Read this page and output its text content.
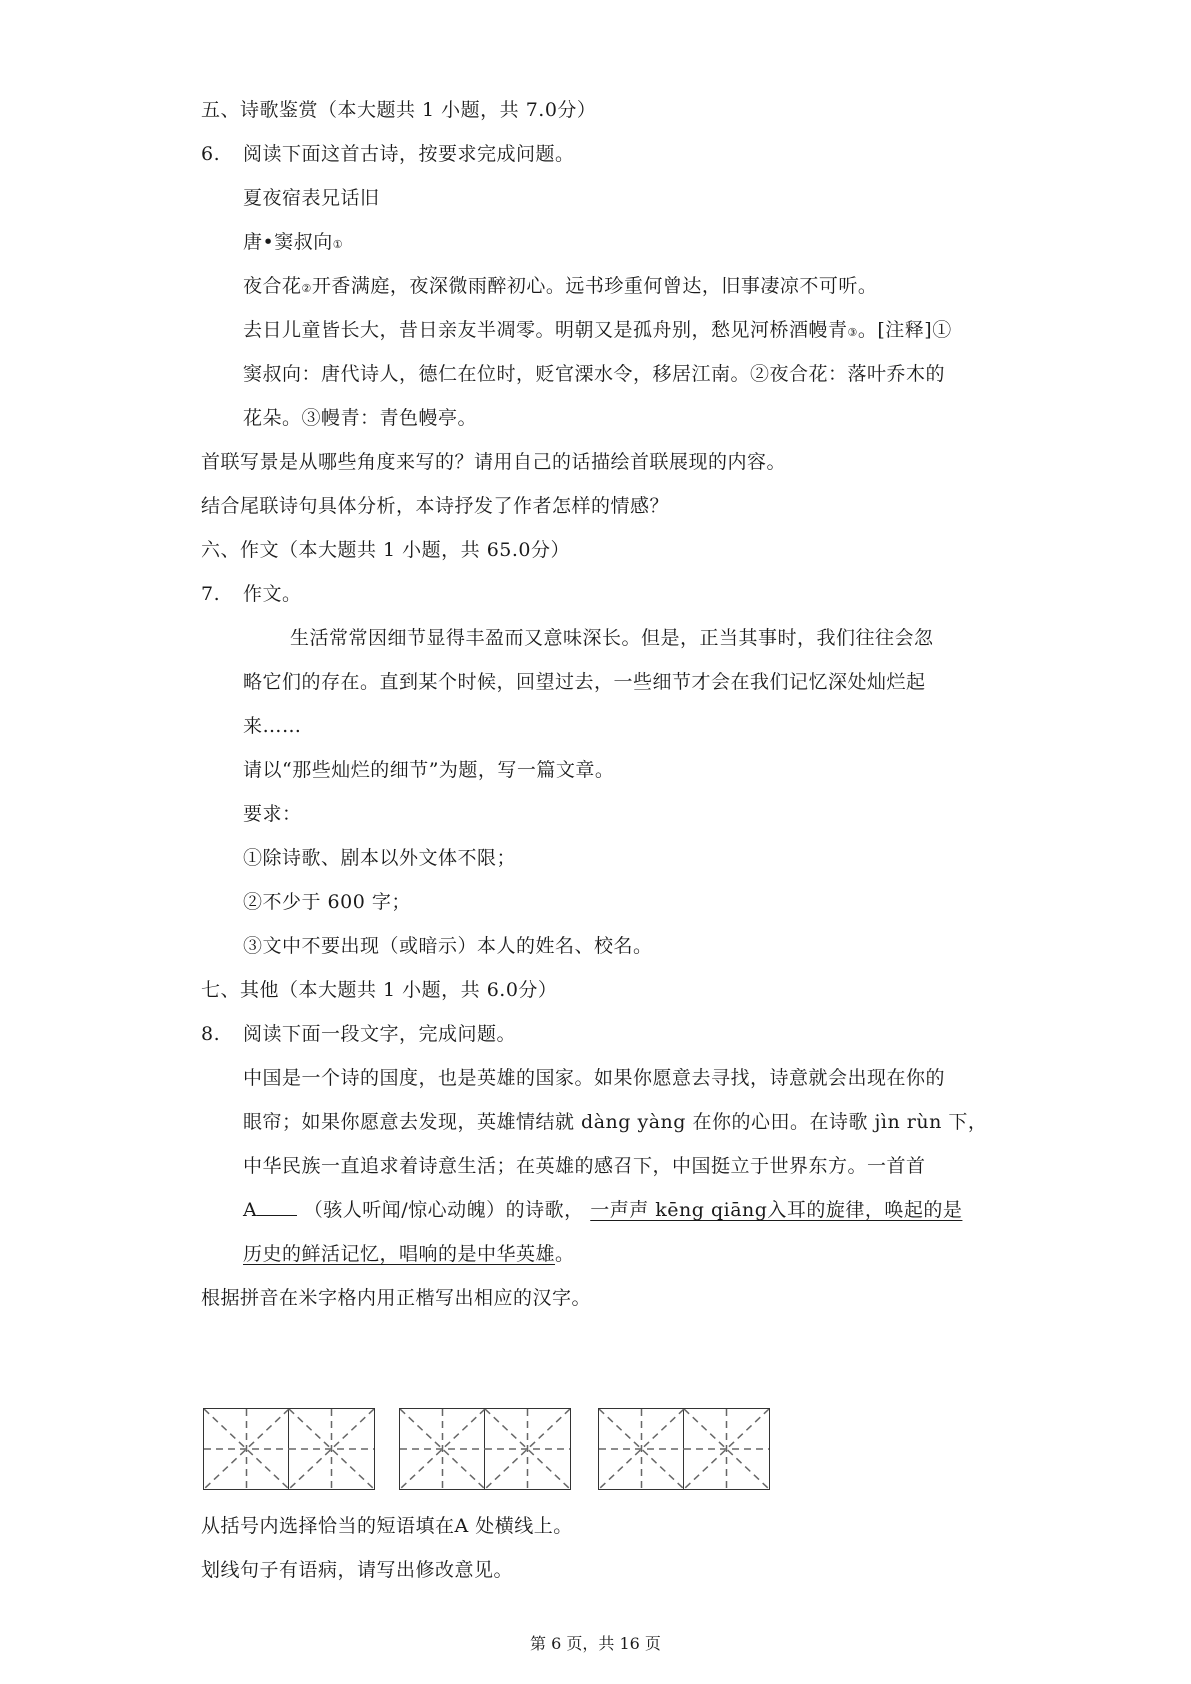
五、诗歌鉴赏（本大题共 1 小题，共 7.0分）
6. 阅读下面这首古诗，按要求完成问题。
夏夜宿表兄话旧
唐•窦叔向①
夜合花②开香满庭，夜深微雨醉初心。远书珍重何曾达，旧事凄凉不可听。
去日儿童皆长大，昔日亲友半凋零。明朝又是孤舟别，愁见河桥酒幔青③。[注释]①
窦叔向：唐代诗人，德仁在位时，贬官溧水令，移居江南。②夜合花：落叶乔木的
花朵。③幔青：青色幔亭。
首联写景是从哪些角度来写的？请用自己的话描绘首联展现的内容。
结合尾联诗句具体分析，本诗抒发了作者怎样的情感？
六、作文（本大题共 1 小题，共 65.0分）
7. 作文。
生活常常因细节显得丰盈而又意味深长。但是，正当其事时，我们往往会忽
略它们的存在。直到某个时候，回望过去，一些细节才会在我们记忆深处灿烂起
来……
请以“那些灿烂的细节”为题，写一篇文章。
要求：
①除诗歌、剧本以外文体不限；
②不少于 600 字；
③文中不要出现（或暗示）本人的姓名、校名。
七、其他（本大题共 1 小题，共 6.0分）
8. 阅读下面一段文字，完成问题。
中国是一个诗的国度，也是英雄的国家。如果你愿意去寻找，诗意就会出现在你的
眼帘；如果你愿意去发现，英雄情结就 dàng yàng 在你的心田。在诗歌 jìn rùn 下，
中华民族一直追求着诗意生活；在英雄的感召下，中国挺立于世界东方。一首首
A （骇人听闻/惊心动魄）的诗歌， 一声声 kēng qiāng入耳的旋律，唤起的是
历史的鲜活记忆，唱响的是中华英雄。
根据拼音在米字格内用正楷写出相应的汉字。
从括号内选择恰当的短语填在A 处横线上。
划线句子有语病，请写出修改意见。
第 6 页，共 16 页
